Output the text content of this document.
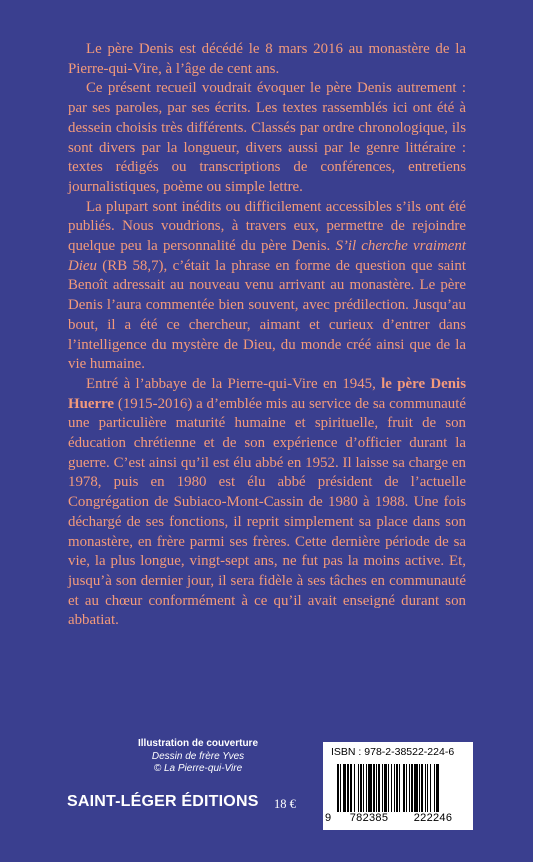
Le père Denis est décédé le 8 mars 2016 au monastère de la Pierre-qui-Vire, à l’âge de cent ans.

Ce présent recueil voudrait évoquer le père Denis autrement : par ses paroles, par ses écrits. Les textes rassemblés ici ont été à dessein choisis très différents. Classés par ordre chronologique, ils sont divers par la longueur, divers aussi par le genre littéraire : textes rédigés ou transcriptions de conférences, entretiens journalistiques, poème ou simple lettre.

La plupart sont inédits ou difficilement accessibles s’ils ont été publiés. Nous voudrions, à travers eux, permettre de rejoindre quelque peu la personnalité du père Denis. S’il cherche vraiment Dieu (RB 58,7), c’était la phrase en forme de question que saint Benoît adressait au nouveau venu arrivant au monastère. Le père Denis l’aura commentée bien souvent, avec prédilection. Jusqu’au bout, il a été ce chercheur, aimant et curieux d’entrer dans l’intelligence du mystère de Dieu, du monde créé ainsi que de la vie humaine.

Entré à l’abbaye de la Pierre-qui-Vire en 1945, le père Denis Huerre (1915-2016) a d’emblée mis au service de sa communauté une particulière maturité humaine et spirituelle, fruit de son éducation chrétienne et de son expérience d’officier durant la guerre. C’est ainsi qu’il est élu abbé en 1952. Il laisse sa charge en 1978, puis en 1980 est élu abbé président de l’actuelle Congrégation de Subiaco-Mont-Cassin de 1980 à 1988. Une fois déchargé de ses fonctions, il reprit simplement sa place dans son monastère, en frère parmi ses frères. Cette dernière période de sa vie, la plus longue, vingt-sept ans, ne fut pas la moins active. Et, jusqu’à son dernier jour, il sera fidèle à ses tâches en communauté et au chœur conformément à ce qu’il avait enseigné durant son abbatiat.

Illustration de couverture
Dessin de frère Yves
© La Pierre-qui-Vire
SAINT-LÉGER ÉDITIONS 18 €
ISBN : 978-2-38522-224-6
9	782385	222246
